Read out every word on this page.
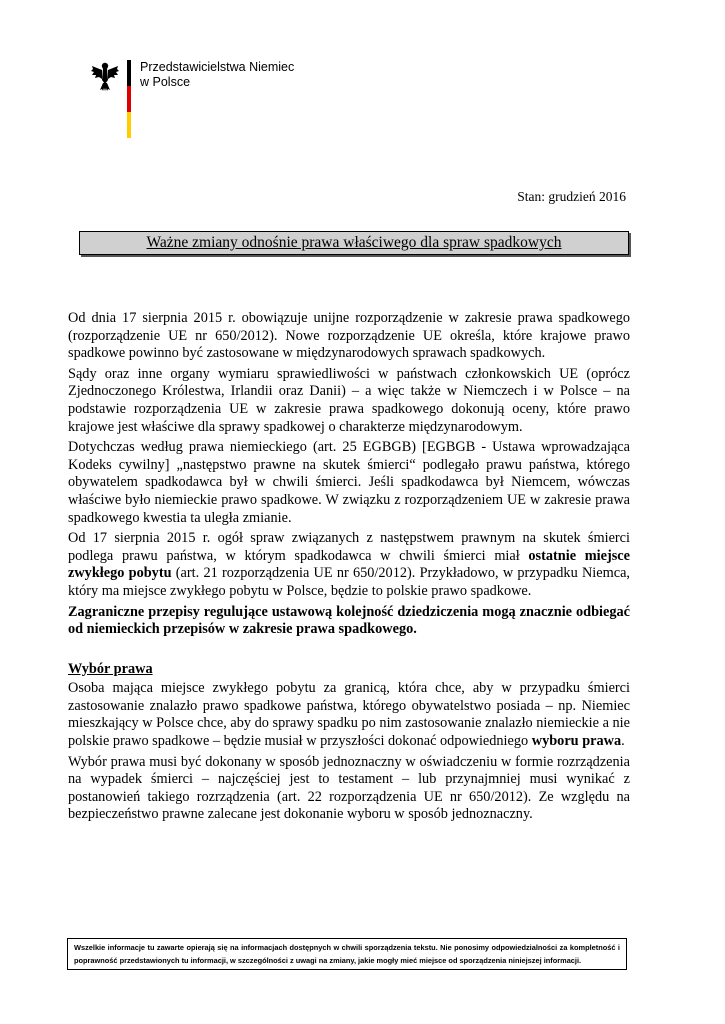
Przedstawicielstwa Niemiec
w Polsce
Stan: grudzień 2016
Ważne zmiany odnośnie prawa właściwego dla spraw spadkowych

Od dnia 17 sierpnia 2015 r. obowiązuje unijne rozporządzenie w zakresie prawa spadkowego (rozporządzenie UE nr 650/2012). Nowe rozporządzenie UE określa, które krajowe prawo spadkowe powinno być zastosowane w międzynarodowych sprawach spadkowych.

Sądy oraz inne organy wymiaru sprawiedliwości w państwach członkowskich UE (oprócz Zjednoczonego Królestwa, Irlandii oraz Danii) – a więc także w Niemczech i w Polsce – na podstawie rozporządzenia UE w zakresie prawa spadkowego dokonują oceny, które prawo krajowe jest właściwe dla sprawy spadkowej o charakterze międzynarodowym.

Dotychczas według prawa niemieckiego (art. 25 EGBGB) [EGBGB - Ustawa wprowadzająca Kodeks cywilny] „następstwo prawne na skutek śmierci“ podlegało prawu państwa, którego obywatelem spadkodawca był w chwili śmierci. Jeśli spadkodawca był Niemcem, wówczas właściwe było niemieckie prawo spadkowe. W związku z rozporządzeniem UE w zakresie prawa spadkowego kwestia ta uległa zmianie.

Od 17 sierpnia 2015 r. ogół spraw związanych z następstwem prawnym na skutek śmierci podlega prawu państwa, w którym spadkodawca w chwili śmierci miał ostatnie miejsce zwykłego pobytu (art. 21 rozporządzenia UE nr 650/2012). Przykładowo, w przypadku Niemca, który ma miejsce zwykłego pobytu w Polsce, będzie to polskie prawo spadkowe.

Zagraniczne przepisy regulujące ustawową kolejność dziedziczenia mogą znacznie odbiegać od niemieckich przepisów w zakresie prawa spadkowego.

Wybór prawa

Osoba mająca miejsce zwykłego pobytu za granicą, która chce, aby w przypadku śmierci zastosowanie znalazło prawo spadkowe państwa, którego obywatelstwo posiada – np. Niemiec mieszkający w Polsce chce, aby do sprawy spadku po nim zastosowanie znalazło niemieckie a nie polskie prawo spadkowe – będzie musiał w przyszłości dokonać odpowiedniego wyboru prawa.

Wybór prawa musi być dokonany w sposób jednoznaczny w oświadczeniu w formie rozrządzenia na wypadek śmierci – najczęściej jest to testament – lub przynajmniej musi wynikać z postanowień takiego rozrządzenia (art. 22 rozporządzenia UE nr 650/2012). Ze względu na bezpieczeństwo prawne zalecane jest dokonanie wyboru w sposób jednoznaczny.

Wszelkie informacje tu zawarte opierają się na informacjach dostępnych w chwili sporządzenia tekstu. Nie ponosimy odpowiedzialności za kompletność i poprawność przedstawionych tu informacji, w szczególności z uwagi na zmiany, jakie mogły mieć miejsce od sporządzenia niniejszej informacji.
